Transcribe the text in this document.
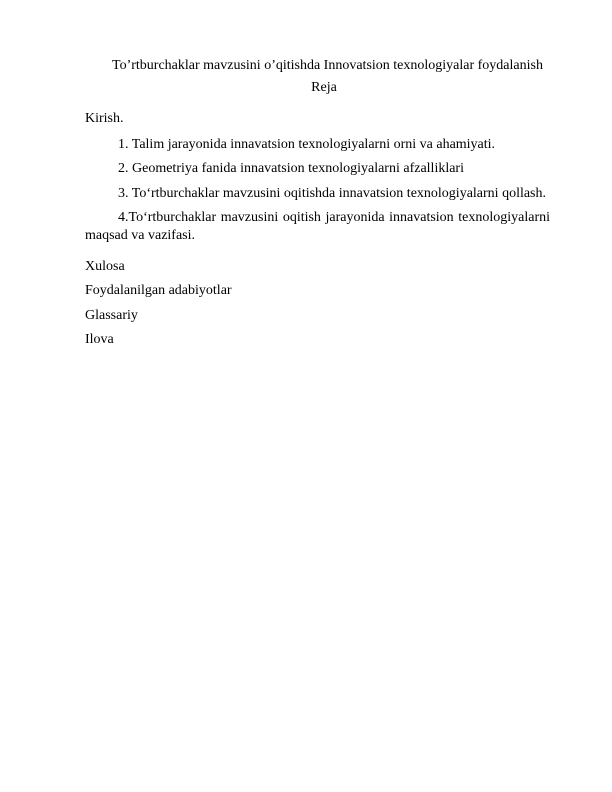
To’rtburchaklar mavzusini o’qitishda Innovatsion texnologiyalar foydalanish
Reja
Kirish.
1. Talim jarayonida innavatsion texnologiyalarni orni va ahamiyati.
2. Geometriya fanida innavatsion texnologiyalarni afzalliklari
3. To‘rtburchaklar mavzusini oqitishda innavatsion texnologiyalarni qollash.
4.To‘rtburchaklar mavzusini oqitish jarayonida innavatsion texnologiyalarni
maqsad va vazifasi.
Xulosa
Foydalanilgan adabiyotlar
Glassariy
Ilova
